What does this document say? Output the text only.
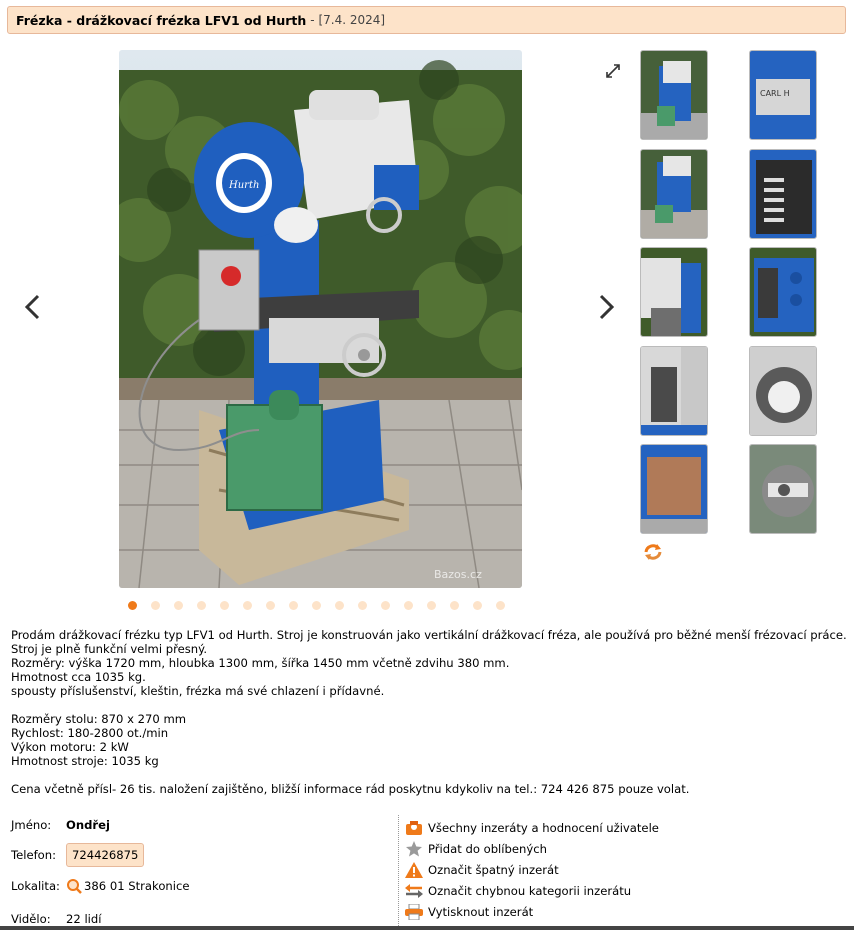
Frézka - drážkovací frézka LFV1 od Hurth - [7.4. 2024]
Hurth
Bazos.cz
CARL H
Prodám drážkovací frézku typ LFV1 od Hurth. Stroj je konstruován jako vertikální drážkovací fréza, ale používá pro běžné menší frézovací práce.
Stroj je plně funkční velmi přesný.
Rozměry: výška 1720 mm, hloubka 1300 mm, šířka 1450 mm včetně zdvihu 380 mm.
Hmotnost cca 1035 kg.
spousty příslušenství, kleštin, frézka má své chlazení i přídavné.

Rozměry stolu: 870 x 270 mm
Rychlost: 180-2800 ot./min
Výkon motoru: 2 kW
Hmotnost stroje: 1035 kg

Cena včetně přísl- 26 tis. naložení zajištěno, bližší informace rád poskytnu kdykoliv na tel.: 724 426 875 pouze volat.
Jméno:	Ondřej
Telefon:	724426875
Lokalita:	386 01 Strakonice
Vidělo:	22 lidí
Všechny inzeráty a hodnocení uživatele
Přidat do oblíbených
Označit špatný inzerát
Označit chybnou kategorii inzerátu
Vytisknout inzerát
